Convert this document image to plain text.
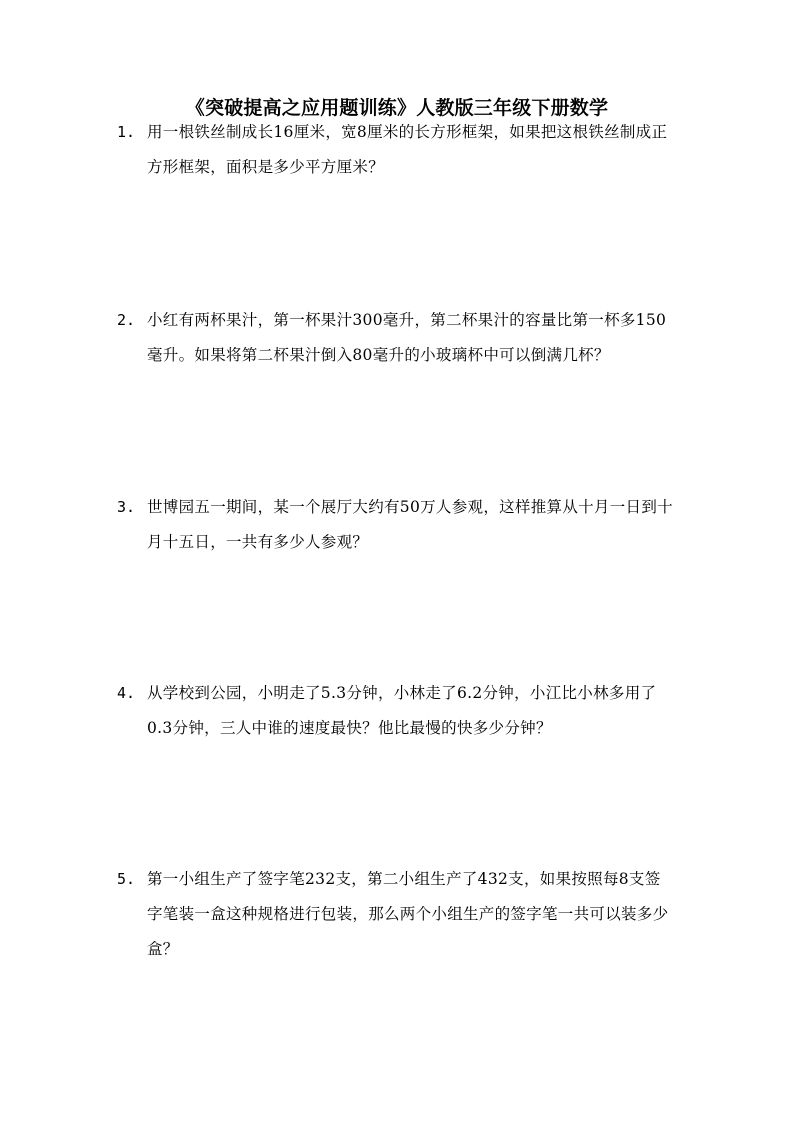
《突破提高之应用题训练》人教版三年级下册数学
1. 用一根铁丝制成长16厘米，宽8厘米的长方形框架，如果把这根铁丝制成正方形框架，面积是多少平方厘米？
2. 小红有两杯果汁，第一杯果汁300毫升，第二杯果汁的容量比第一杯多150毫升。如果将第二杯果汁倒入80毫升的小玻璃杯中可以倒满几杯？
3. 世博园五一期间，某一个展厅大约有50万人参观，这样推算从十月一日到十月十五日，一共有多少人参观？
4. 从学校到公园，小明走了5.3分钟，小林走了6.2分钟，小江比小林多用了0.3分钟，三人中谁的速度最快？他比最慢的快多少分钟？
5. 第一小组生产了签字笔232支，第二小组生产了432支，如果按照每8支签字笔装一盒这种规格进行包装，那么两个小组生产的签字笔一共可以装多少盒？
